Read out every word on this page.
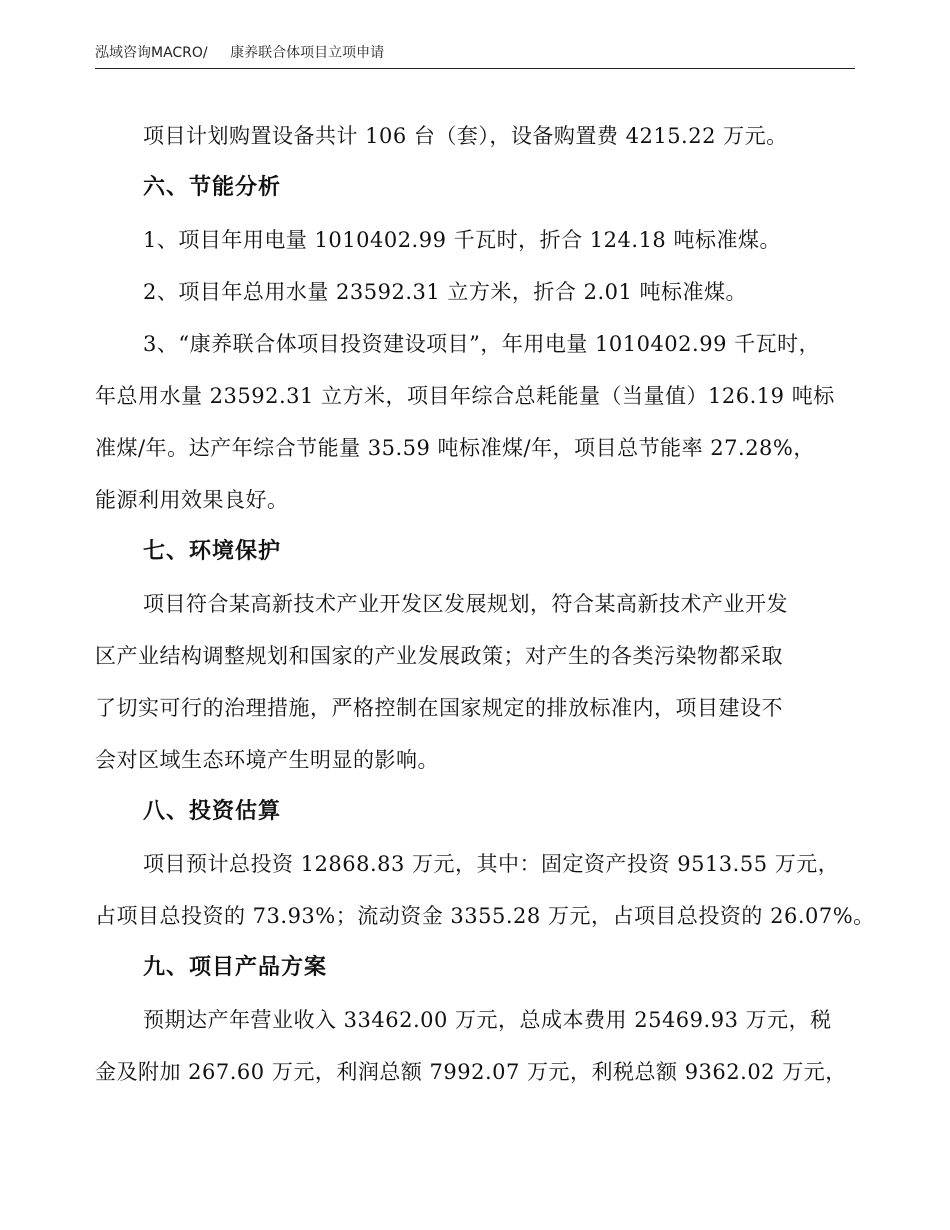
泓域咨询MACRO/ 康养联合体项目立项申请
项目计划购置设备共计 106 台（套），设备购置费 4215.22 万元。
六、节能分析
1、项目年用电量 1010402.99 千瓦时，折合 124.18 吨标准煤。
2、项目年总用水量 23592.31 立方米，折合 2.01 吨标准煤。
3、“康养联合体项目投资建设项目”，年用电量 1010402.99 千瓦时，
年总用水量 23592.31 立方米，项目年综合总耗能量（当量值）126.19 吨标
准煤/年。达产年综合节能量 35.59 吨标准煤/年，项目总节能率 27.28%，
能源利用效果良好。
七、环境保护
项目符合某高新技术产业开发区发展规划，符合某高新技术产业开发
区产业结构调整规划和国家的产业发展政策；对产生的各类污染物都采取
了切实可行的治理措施，严格控制在国家规定的排放标准内，项目建设不
会对区域生态环境产生明显的影响。
八、投资估算
项目预计总投资 12868.83 万元，其中：固定资产投资 9513.55 万元，
占项目总投资的 73.93%；流动资金 3355.28 万元，占项目总投资的 26.07%。
九、项目产品方案
预期达产年营业收入 33462.00 万元，总成本费用 25469.93 万元，税
金及附加 267.60 万元，利润总额 7992.07 万元，利税总额 9362.02 万元，
